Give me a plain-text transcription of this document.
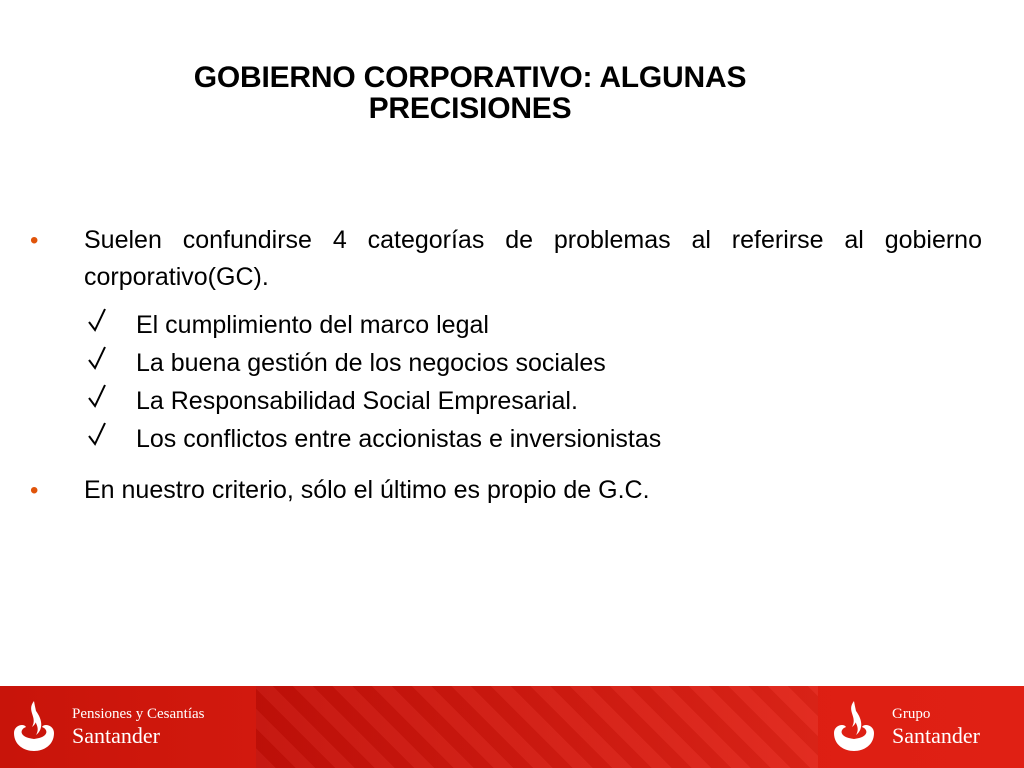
GOBIERNO CORPORATIVO: ALGUNAS PRECISIONES
• Suelen confundirse 4 categorías de problemas al referirse al gobierno corporativo(GC).
El cumplimiento del marco legal
La buena gestión de los negocios sociales
La Responsabilidad Social Empresarial.
Los conflictos entre accionistas e inversionistas
• En nuestro criterio, sólo el último es propio de G.C.
Pensiones y Cesantías
Santander
Grupo
Santander
